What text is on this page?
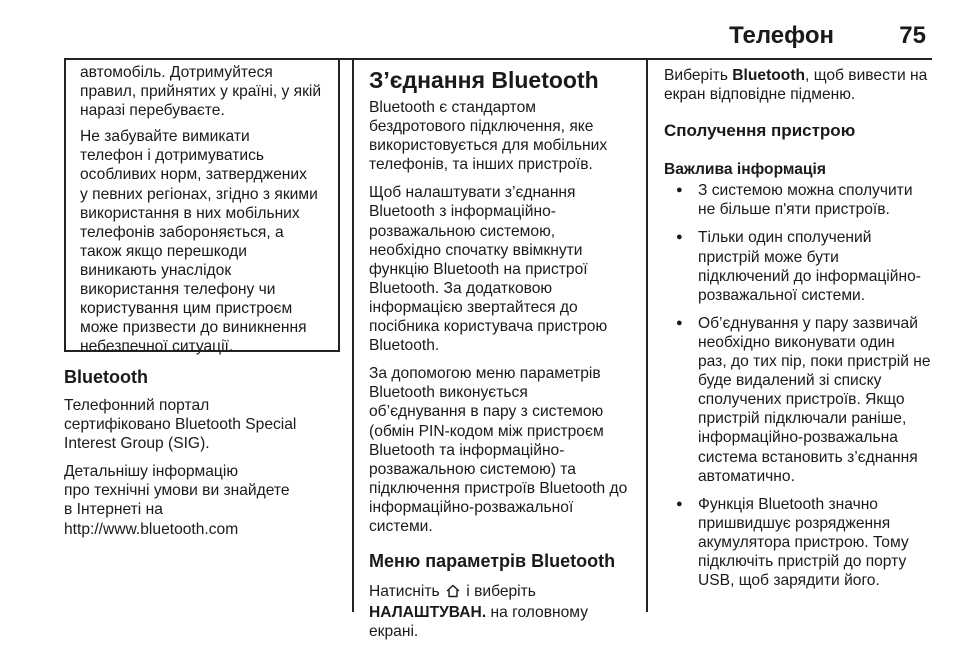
Телефон	75

автомобіль. Дотримуйтеся
правил, прийнятих у країні, у якій
наразі перебуваєте.

Не забувайте вимикати
телефон і дотримуватись
особливих норм, затверджених
у певних регіонах, згідно з якими
використання в них мобільних
телефонів забороняється, а
також якщо перешкоди
виникають унаслідок
використання телефону чи
користування цим пристроєм
може призвести до виникнення
небезпечної ситуації.

Bluetooth

Телефонний портал
сертифіковано Bluetooth Special
Interest Group (SIG).

Детальнішу інформацію
про технічні умови ви знайдете
в Інтернеті на
http://www.bluetooth.com

З’єднання Bluetooth

Bluetooth є стандартом
бездротового підключення, яке
використовується для мобільних
телефонів, та інших пристроїв.

Щоб налаштувати з’єднання
Bluetooth з інформаційно-
розважальною системою,
необхідно спочатку ввімкнути
функцію Bluetooth на пристрої
Bluetooth. За додатковою
інформацією звертайтеся до
посібника користувача пристрою
Bluetooth.

За допомогою меню параметрів
Bluetooth виконується
об’єднування в пару з системою
(обмін PIN-кодом між пристроєм
Bluetooth та інформаційно-
розважальною системою) та
підключення пристроїв Bluetooth до
інформаційно-розважальної
системи.

Меню параметрів Bluetooth

Натисніть і виберіть
НАЛАШТУВАН. на головному
екрані.

Виберіть Bluetooth, щоб вивести на
екран відповідне підменю.

Сполучення пристрою
Важлива інформація
● З системою можна сполучити
не більше п'яти пристроїв.
● Тільки один сполучений
пристрій може бути
підключений до інформаційно-
розважальної системи.
● Об’єднування у пару зазвичай
необхідно виконувати один
раз, до тих пір, поки пристрій не
буде видалений зі списку
сполучених пристроїв. Якщо
пристрій підключали раніше,
інформаційно-розважальна
система встановить з’єднання
автоматично.
● Функція Bluetooth значно
пришвидшує розрядження
акумулятора пристрою. Тому
підключіть пристрій до порту
USB, щоб зарядити його.
